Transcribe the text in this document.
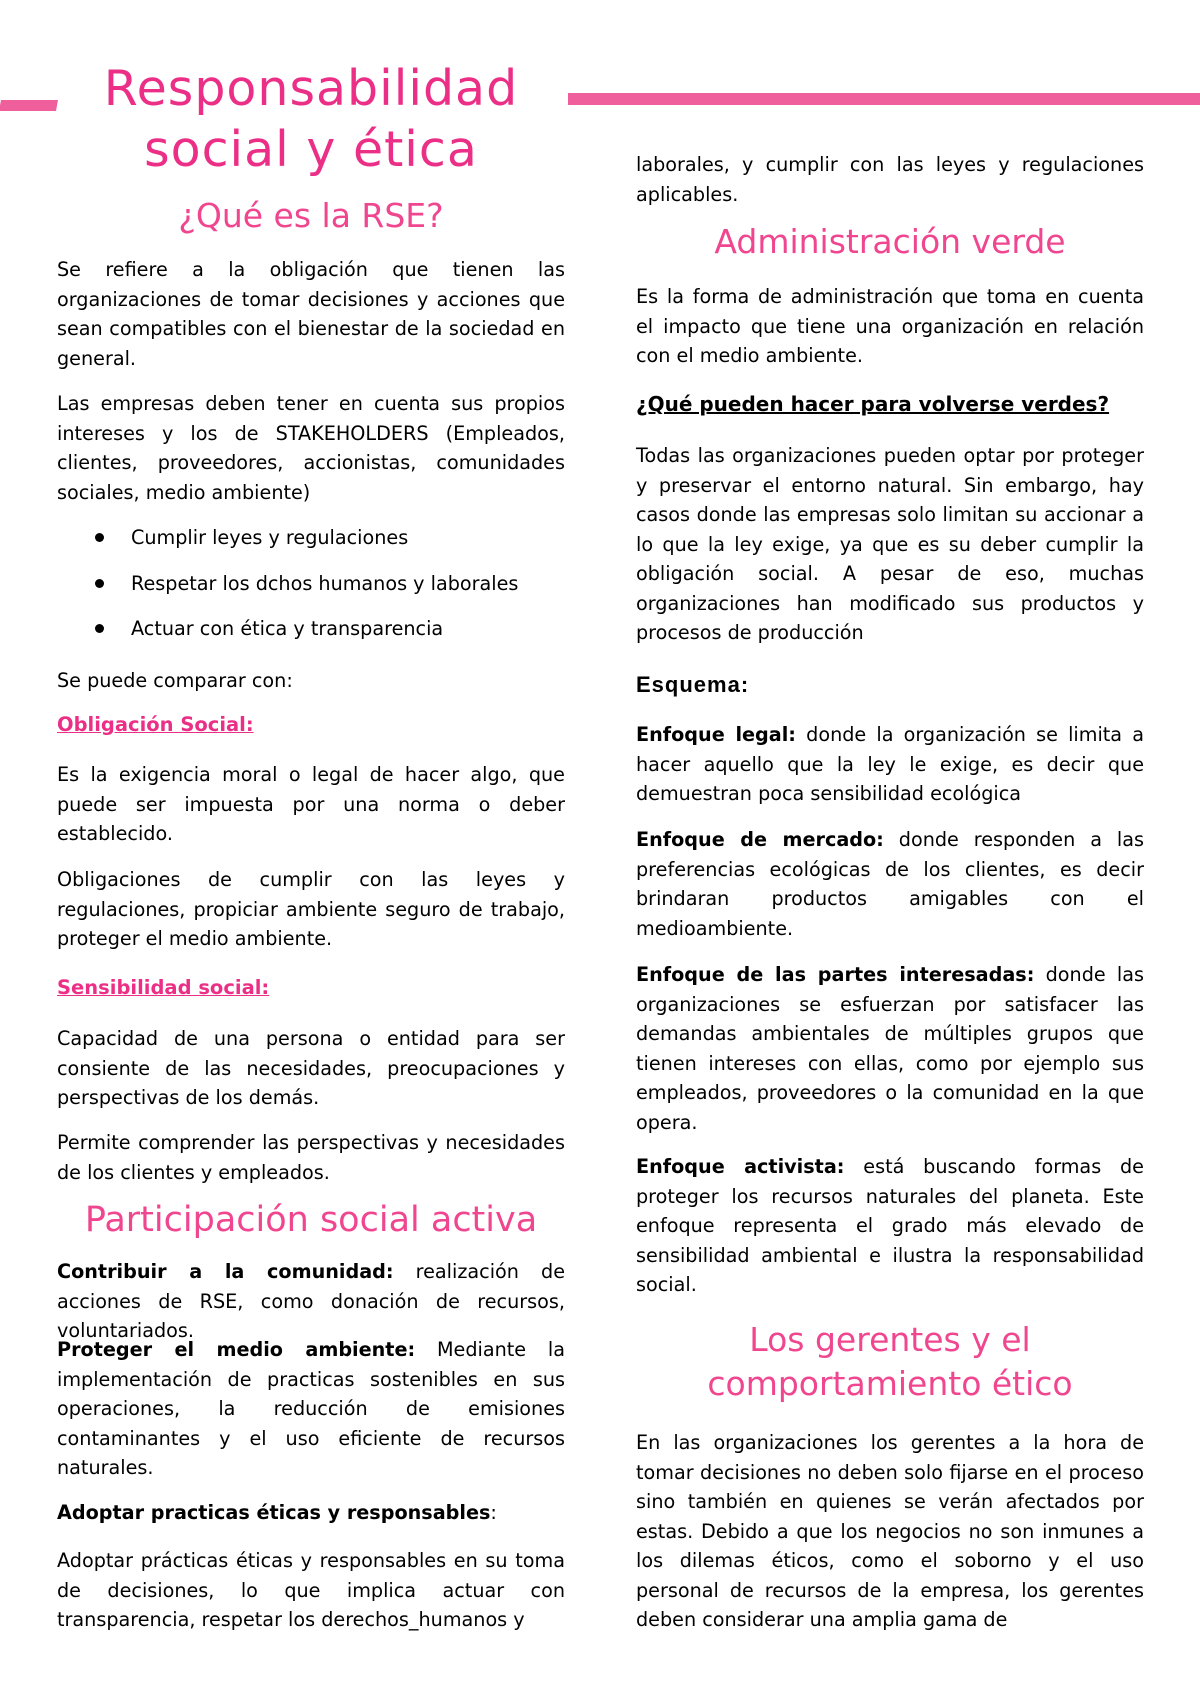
Responsabilidad social y ética
¿Qué es la RSE?

Se refiere a la obligación que tienen las organizaciones de tomar decisiones y acciones que sean compatibles con el bienestar de la sociedad en general.

Las empresas deben tener en cuenta sus propios intereses y los de STAKEHOLDERS (Empleados, clientes, proveedores, accionistas, comunidades sociales, medio ambiente)

Cumplir leyes y regulaciones
Respetar los dchos humanos y laborales
Actuar con ética y transparencia

Se puede comparar con:

Obligación Social:

Es la exigencia moral o legal de hacer algo, que puede ser impuesta por una norma o deber establecido.

Obligaciones de cumplir con las leyes y regulaciones, propiciar ambiente seguro de trabajo, proteger el medio ambiente.

Sensibilidad social:

Capacidad de una persona o entidad para ser consiente de las necesidades, preocupaciones y perspectivas de los demás.

Permite comprender las perspectivas y necesidades de los clientes y empleados.

Participación social activa

Contribuir a la comunidad: realización de acciones de RSE, como donación de recursos, voluntariados.

Proteger el medio ambiente: Mediante la implementación de practicas sostenibles en sus operaciones, la reducción de emisiones contaminantes y el uso eficiente de recursos naturales.

Adoptar practicas éticas y responsables:

Adoptar prácticas éticas y responsables en su toma de decisiones, lo que implica actuar con transparencia, respetar los derechos_humanos y

laborales, y cumplir con las leyes y regulaciones aplicables.

Administración verde

Es la forma de administración que toma en cuenta el impacto que tiene una organización en relación con el medio ambiente.

¿Qué pueden hacer para volverse verdes?

Todas las organizaciones pueden optar por proteger y preservar el entorno natural. Sin embargo, hay casos donde las empresas solo limitan su accionar a lo que la ley exige, ya que es su deber cumplir la obligación social. A pesar de eso, muchas organizaciones han modificado sus productos y procesos de producción

Esquema:

Enfoque legal: donde la organización se limita a hacer aquello que la ley le exige, es decir que demuestran poca sensibilidad ecológica

Enfoque de mercado: donde responden a las preferencias ecológicas de los clientes, es decir brindaran productos amigables con el medioambiente.

Enfoque de las partes interesadas: donde las organizaciones se esfuerzan por satisfacer las demandas ambientales de múltiples grupos que tienen intereses con ellas, como por ejemplo sus empleados, proveedores o la comunidad en la que opera.

Enfoque activista: está buscando formas de proteger los recursos naturales del planeta. Este enfoque representa el grado más elevado de sensibilidad ambiental e ilustra la responsabilidad social.

Los gerentes y el comportamiento ético

En las organizaciones los gerentes a la hora de tomar decisiones no deben solo fijarse en el proceso sino también en quienes se verán afectados por estas. Debido a que los negocios no son inmunes a los dilemas éticos, como el soborno y el uso personal de recursos de la empresa, los gerentes deben considerar una amplia gama de
